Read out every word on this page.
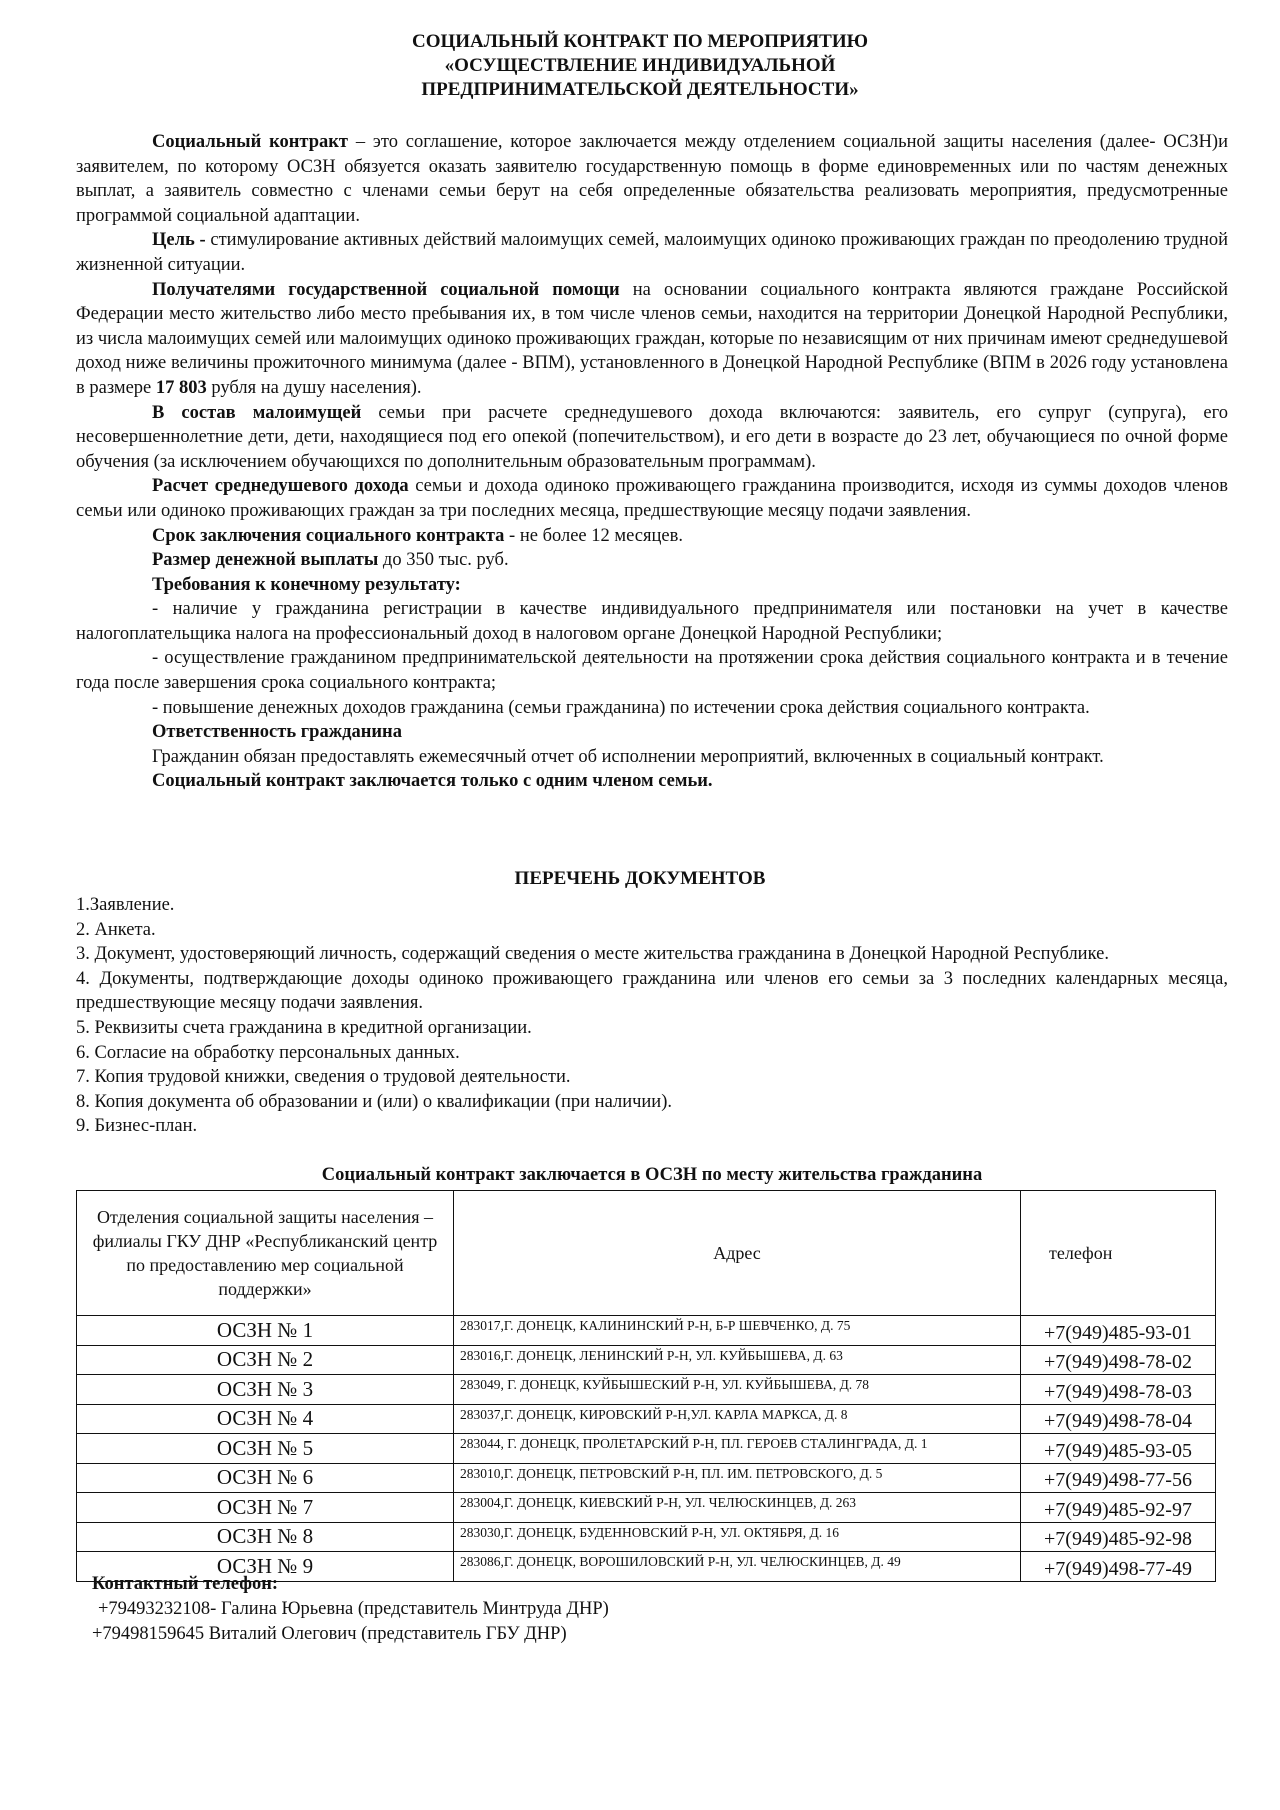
СОЦИАЛЬНЫЙ КОНТРАКТ ПО МЕРОПРИЯТИЮ
«ОСУЩЕСТВЛЕНИЕ ИНДИВИДУАЛЬНОЙ
ПРЕДПРИНИМАТЕЛЬСКОЙ ДЕЯТЕЛЬНОСТИ»

Социальный контракт – это соглашение, которое заключается между отделением социальной защиты населения (далее- ОСЗН)и заявителем, по которому ОСЗН обязуется оказать заявителю государственную помощь в форме единовременных или по частям денежных выплат, а заявитель совместно с членами семьи берут на себя определенные обязательства реализовать мероприятия, предусмотренные программой социальной адаптации.

Цель - стимулирование активных действий малоимущих семей, малоимущих одиноко проживающих граждан по преодолению трудной жизненной ситуации.

Получателями государственной социальной помощи на основании социального контракта являются граждане Российской Федерации место жительство либо место пребывания их, в том числе членов семьи, находится на территории Донецкой Народной Республики, из числа малоимущих семей или малоимущих одиноко проживающих граждан, которые по независящим от них причинам имеют среднедушевой доход ниже величины прожиточного минимума (далее - ВПМ), установленного в Донецкой Народной Республике (ВПМ в 2026 году установлена в размере 17 803 рубля на душу населения).

В состав малоимущей семьи при расчете среднедушевого дохода включаются: заявитель, его супруг (супруга), его несовершеннолетние дети, дети, находящиеся под его опекой (попечительством), и его дети в возрасте до 23 лет, обучающиеся по очной форме обучения (за исключением обучающихся по дополнительным образовательным программам).

Расчет среднедушевого дохода семьи и дохода одиноко проживающего гражданина производится, исходя из суммы доходов членов семьи или одиноко проживающих граждан за три последних месяца, предшествующие месяцу подачи заявления.

Срок заключения социального контракта - не более 12 месяцев.

Размер денежной выплаты до 350 тыс. руб.

Требования к конечному результату:

- наличие у гражданина регистрации в качестве индивидуального предпринимателя или постановки на учет в качестве налогоплательщика налога на профессиональный доход в налоговом органе Донецкой Народной Республики;

- осуществление гражданином предпринимательской деятельности на протяжении срока действия социального контракта и в течение года после завершения срока социального контракта;

- повышение денежных доходов гражданина (семьи гражданина) по истечении срока действия социального контракта.

Ответственность гражданина

Гражданин обязан предоставлять ежемесячный отчет об исполнении мероприятий, включенных в социальный контракт.

Социальный контракт заключается только с одним членом семьи.

ПЕРЕЧЕНЬ ДОКУМЕНТОВ

1.Заявление.

2. Анкета.

3. Документ, удостоверяющий личность, содержащий сведения о месте жительства гражданина в Донецкой Народной Республике.

4. Документы, подтверждающие доходы одиноко проживающего гражданина или членов его семьи за 3 последних календарных месяца, предшествующие месяцу подачи заявления.

5. Реквизиты счета гражданина в кредитной организации.

6. Согласие на обработку персональных данных.

7. Копия трудовой книжки, сведения о трудовой деятельности.

8. Копия документа об образовании и (или) о квалификации (при наличии).

9. Бизнес-план.

Социальный контракт заключается в ОСЗН по месту жительства гражданина
Отделения социальной защиты населения – филиалы ГКУ ДНР «Республиканский центр по предоставлению мер социальной поддержки»	Адрес	телефон
ОСЗН № 1	283017,Г. ДОНЕЦК, КАЛИНИНСКИЙ Р-Н, Б-Р ШЕВЧЕНКО, Д. 75	+7(949)485-93-01
ОСЗН № 2	283016,Г. ДОНЕЦК, ЛЕНИНСКИЙ Р-Н, УЛ. КУЙБЫШЕВА, Д. 63	+7(949)498-78-02
ОСЗН № 3	283049, Г. ДОНЕЦК, КУЙБЫШЕСКИЙ Р-Н, УЛ. КУЙБЫШЕВА, Д. 78	+7(949)498-78-03
ОСЗН № 4	283037,Г. ДОНЕЦК, КИРОВСКИЙ Р-Н,УЛ. КАРЛА МАРКСА, Д. 8	+7(949)498-78-04
ОСЗН № 5	283044, Г. ДОНЕЦК, ПРОЛЕТАРСКИЙ Р-Н, ПЛ. ГЕРОЕВ СТАЛИНГРАДА, Д. 1	+7(949)485-93-05
ОСЗН № 6	283010,Г. ДОНЕЦК, ПЕТРОВСКИЙ Р-Н, ПЛ. ИМ. ПЕТРОВСКОГО, Д. 5	+7(949)498-77-56
ОСЗН № 7	283004,Г. ДОНЕЦК, КИЕВСКИЙ Р-Н, УЛ. ЧЕЛЮСКИНЦЕВ, Д. 263	+7(949)485-92-97
ОСЗН № 8	283030,Г. ДОНЕЦК, БУДЕННОВСКИЙ Р-Н, УЛ. ОКТЯБРЯ, Д. 16	+7(949)485-92-98
ОСЗН № 9	283086,Г. ДОНЕЦК, ВОРОШИЛОВСКИЙ Р-Н, УЛ. ЧЕЛЮСКИНЦЕВ, Д. 49	+7(949)498-77-49
Контактный телефон:
+79493232108- Галина Юрьевна (представитель Минтруда ДНР)
+79498159645 Виталий Олегович (представитель ГБУ ДНР)
